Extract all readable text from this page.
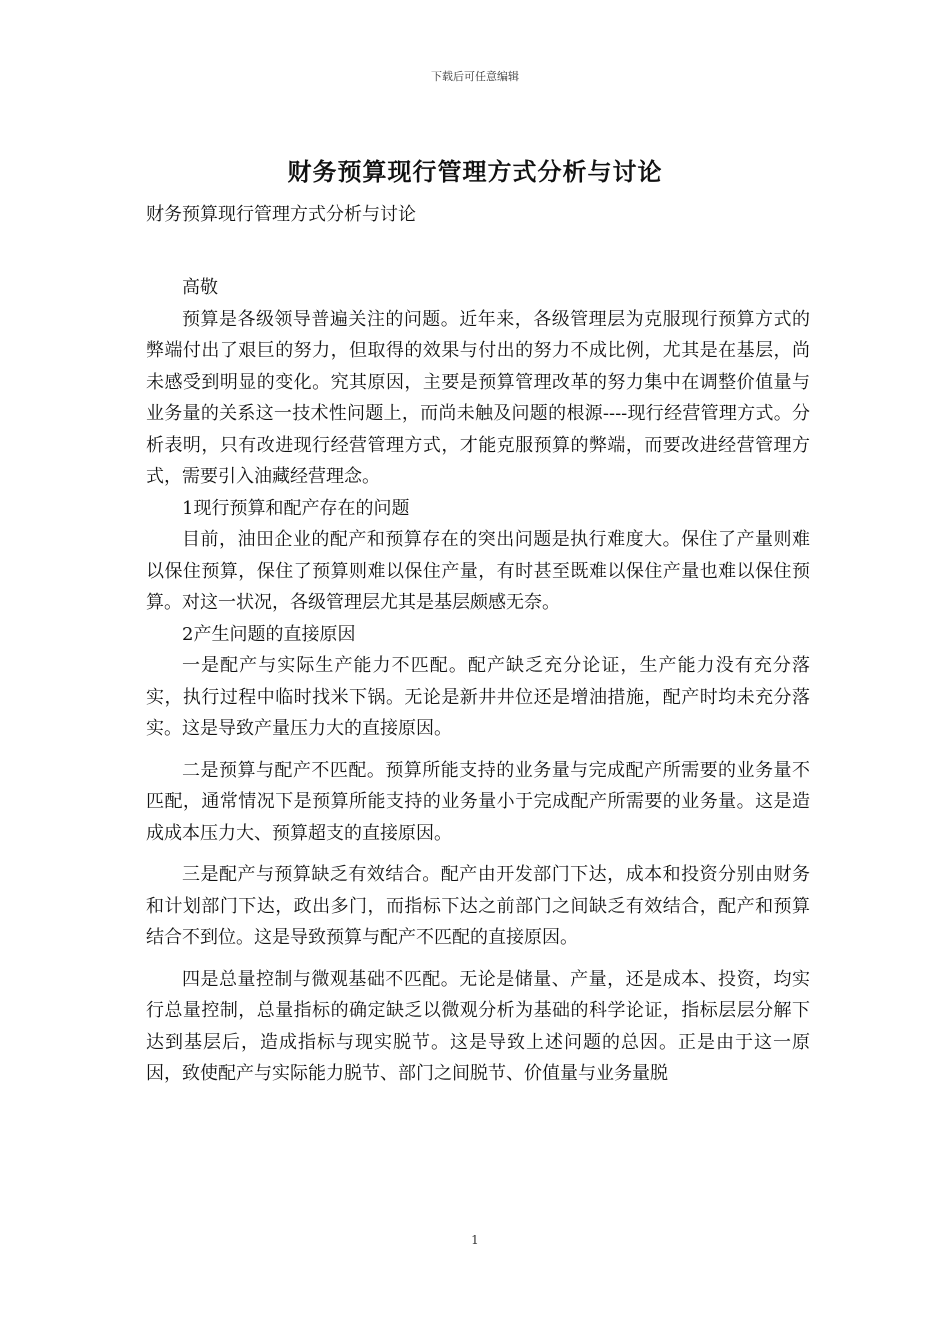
下载后可任意编辑
财务预算现行管理方式分析与讨论
财务预算现行管理方式分析与讨论

高敬

预算是各级领导普遍关注的问题。近年来，各级管理层为克服现行预算方式的弊端付出了艰巨的努力，但取得的效果与付出的努力不成比例，尤其是在基层，尚未感受到明显的变化。究其原因，主要是预算管理改革的努力集中在调整价值量与业务量的关系这一技术性问题上，而尚未触及问题的根源----现行经营管理方式。分析表明，只有改进现行经营管理方式，才能克服预算的弊端，而要改进经营管理方式，需要引入油藏经营理念。

1现行预算和配产存在的问题

目前，油田企业的配产和预算存在的突出问题是执行难度大。保住了产量则难以保住预算，保住了预算则难以保住产量，有时甚至既难以保住产量也难以保住预算。对这一状况，各级管理层尤其是基层颇感无奈。

2产生问题的直接原因

一是配产与实际生产能力不匹配。配产缺乏充分论证，生产能力没有充分落实，执行过程中临时找米下锅。无论是新井井位还是增油措施，配产时均未充分落实。这是导致产量压力大的直接原因。

二是预算与配产不匹配。预算所能支持的业务量与完成配产所需要的业务量不匹配，通常情况下是预算所能支持的业务量小于完成配产所需要的业务量。这是造成成本压力大、预算超支的直接原因。

三是配产与预算缺乏有效结合。配产由开发部门下达，成本和投资分别由财务和计划部门下达，政出多门，而指标下达之前部门之间缺乏有效结合，配产和预算结合不到位。这是导致预算与配产不匹配的直接原因。

四是总量控制与微观基础不匹配。无论是储量、产量，还是成本、投资，均实行总量控制，总量指标的确定缺乏以微观分析为基础的科学论证，指标层层分解下达到基层后，造成指标与现实脱节。这是导致上述问题的总因。正是由于这一原因，致使配产与实际能力脱节、部门之间脱节、价值量与业务量脱

1
